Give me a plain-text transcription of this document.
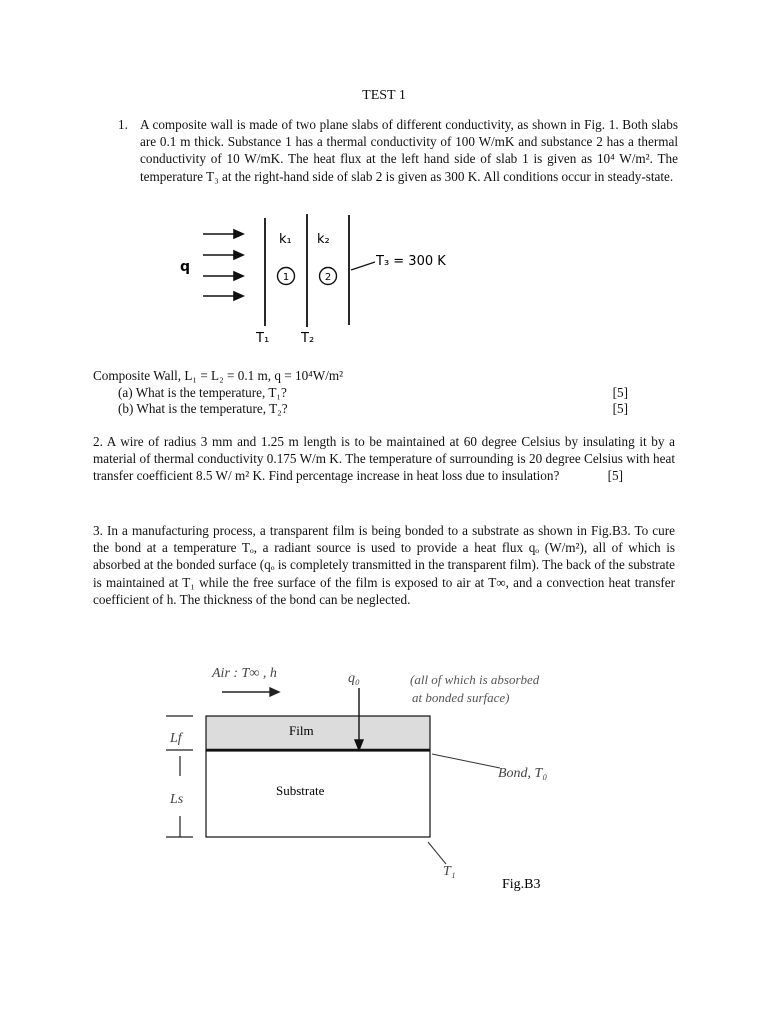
TEST 1
1. A composite wall is made of two plane slabs of different conductivity, as shown in Fig. 1. Both slabs are 0.1 m thick. Substance 1 has a thermal conductivity of 100 W/mK and substance 2 has a thermal conductivity of 10 W/mK. The heat flux at the left hand side of slab 1 is given as 10⁴ W/m². The temperature T₃ at the right-hand side of slab 2 is given as 300 K. All conditions occur in steady-state.
q
k₁ k₂
1	2
T₃ = 300 K
T₁ T₂
Composite Wall, L₁ = L₂ = 0.1 m, q = 10⁴W/m²
(a) What is the temperature, T₁?	[5]
(b) What is the temperature, T₂?	[5]
2. A wire of radius 3 mm and 1.25 m length is to be maintained at 60 degree Celsius by insulating it by a material of thermal conductivity 0.175 W/m K. The temperature of surrounding is 20 degree Celsius with heat transfer coefficient 8.5 W/ m² K. Find percentage increase in heat loss due to insulation?	[5]
3. In a manufacturing process, a transparent film is being bonded to a substrate as shown in Fig.B3. To cure the bond at a temperature Tₒ, a radiant source is used to provide a heat flux qₒ (W/m²), all of which is absorbed at the bonded surface (qₒ is completely transmitted in the transparent film). The back of the substrate is maintained at T₁ while the free surface of the film is exposed to air at T∞, and a convection heat transfer coefficient of h. The thickness of the bond can be neglected.
Air : T∞ , h	q₀	(all of which is absorbed
at bonded surface)
Film
Substrate
Lf
Ls
Bond, T₀
T₁
Fig.B3
